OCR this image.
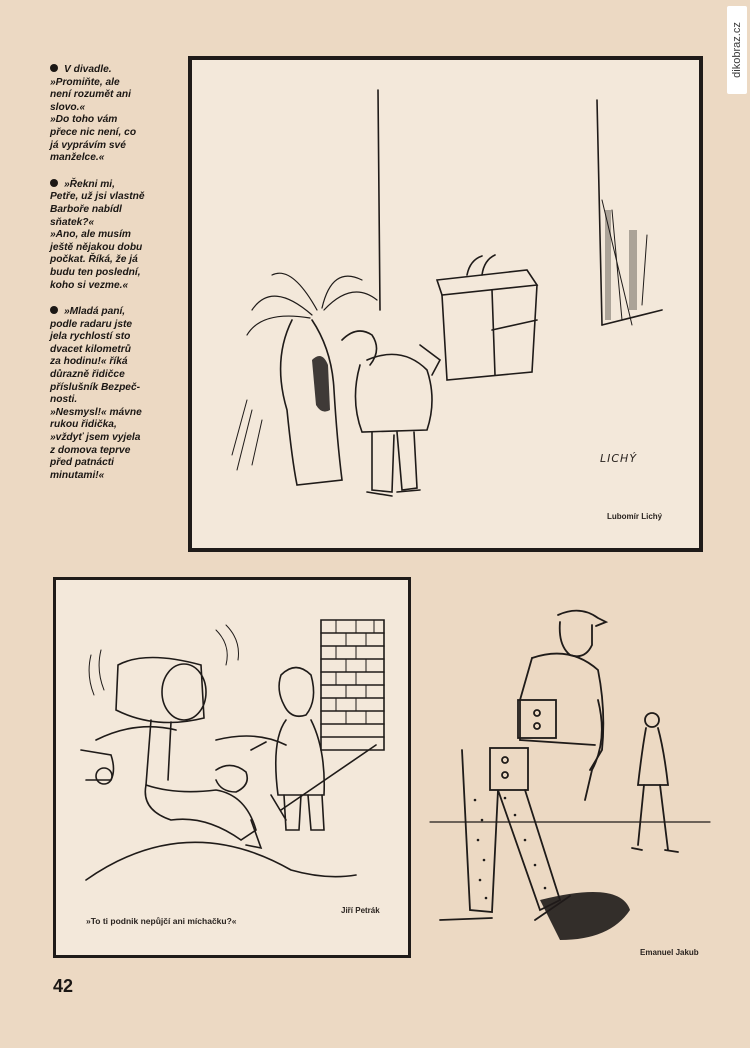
V divadle.
»Promiňte, ale
není rozumět ani
slovo.«
»Do toho vám
přece nic není, co
já vyprávím své
manželce.«
»Řekni mi,
Petře, už jsi vlastně
Barboře nabídl
sňatek?«
»Ano, ale musím
ještě nějakou dobu
počkat. Říká, že já
budu ten poslední,
koho si vezme.«
»Mladá paní,
podle radaru jste
jela rychlostí sto
dvacet kilometrů
za hodinu!« říká
důrazně řidičce
příslušník Bezpeč-
nosti.
»Nesmysl!« mávne
rukou řidička,
»vždyť jsem vyjela
z domova teprve
před patnácti
minutami!«
LICHÝ
Lubomír Lichý
»To ti podnik nepůjčí ani míchačku?«
Jiří Petrák
Emanuel Jakub
42
dikobraz.cz
